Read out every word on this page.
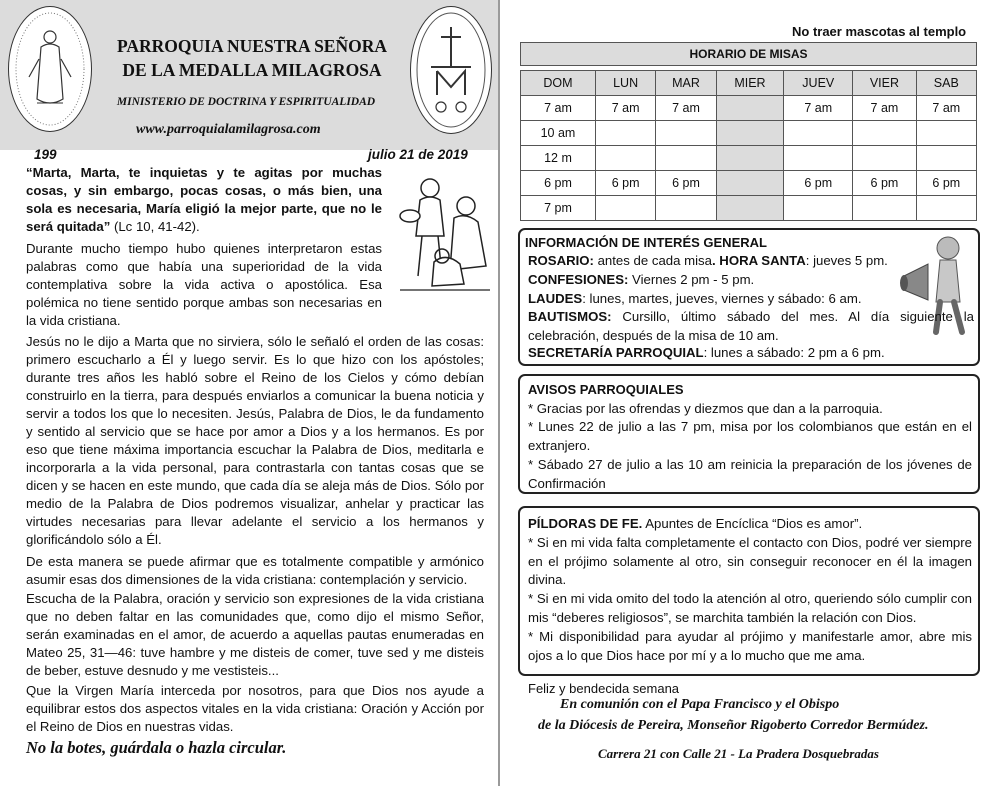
PARROQUIA NUESTRA SEÑORA
DE LA MEDALLA MILAGROSA
MINISTERIO DE DOCTRINA Y ESPIRITUALIDAD
www.parroquialamilagrosa.com
199	julio 21 de 2019
“Marta, Marta, te inquietas y te agitas por muchas cosas, y sin embargo, pocas cosas, o más bien, una sola es necesaria, María eligió la mejor parte, que no le será quitada” (Lc 10, 41-42).
Durante mucho tiempo hubo quienes interpretaron estas palabras como que había una superioridad de la vida contemplativa sobre la vida activa o apostólica. Esa polémica no tiene sentido porque ambas son necesarias en la vida cristiana.
Jesús no le dijo a Marta que no sirviera, sólo le señaló el orden de las cosas: primero escucharlo a Él y luego servir. Es lo que hizo con los apóstoles; durante tres años les habló sobre el Reino de los Cielos y cómo debían construirlo en la tierra, para después enviarlos a comunicar la buena noticia y servir a todos los que lo necesiten. Jesús, Palabra de Dios, le da fundamento y sentido al servicio que se hace por amor a Dios y a los hermanos. Es por eso que tiene máxima importancia escuchar la Palabra de Dios, meditarla e incorporarla a la vida personal, para contrastarla con tantas cosas que se dicen y se hacen en este mundo, que cada día se aleja más de Dios. Sólo por medio de la Palabra de Dios podremos visualizar, anhelar y practicar las virtudes necesarias para llevar adelante el servicio a los hermanos y glorificándolo sólo a Él.
De esta manera se puede afirmar que es totalmente compatible y armónico asumir esas dos dimensiones de la vida cristiana: contemplación y servicio.
Escucha de la Palabra, oración y servicio son expresiones de la vida cristiana que no deben faltar en las comunidades que, como dijo el mismo Señor, serán examinadas en el amor, de acuerdo a aquellas pautas enumeradas en Mateo 25, 31—46: tuve hambre y me disteis de comer, tuve sed y me disteis de beber, estuve desnudo y me vestisteis...
Que la Virgen María interceda por nosotros, para que Dios nos ayude a equilibrar estos dos aspectos vitales en la vida cristiana: Oración y Acción por el Reino de Dios en nuestras vidas.
No la botes, guárdala o hazla circular.
No traer mascotas al templo
HORARIO DE MISAS						

DOM	LUN	MAR	MIER	JUEV	VIER	SAB
7 am	7 am	7 am		7 am	7 am	7 am
10 am						
12 m						
6 pm	6 pm	6 pm		6 pm	6 pm	6 pm
7 pm						
INFORMACIÓN DE INTERÉS GENERAL
ROSARIO: antes de cada misa. HORA SANTA: jueves 5 pm.
CONFESIONES: Viernes 2 pm - 5 pm.
LAUDES: lunes, martes, jueves, viernes y sábado: 6 am.
BAUTISMOS: Cursillo, último sábado del mes. Al día siguiente la celebración, después de la misa de 10 am.
SECRETARÍA PARROQUIAL: lunes a sábado: 2 pm a 6 pm.
AVISOS PARROQUIALES
* Gracias por las ofrendas y diezmos que dan a la parroquia.
* Lunes 22 de julio a las 7 pm, misa por los colombianos que están en el extranjero.
* Sábado 27 de julio a las 10 am reinicia la preparación de los jóvenes de Confirmación
PÍLDORAS DE FE. Apuntes de Encíclica “Dios es amor”.
* Si en mi vida falta completamente el contacto con Dios, podré ver siempre en el prójimo solamente al otro, sin conseguir reconocer en él la imagen divina.
* Si en mi vida omito del todo la atención al otro, queriendo sólo cumplir con mis “deberes religiosos”, se marchita también la relación con Dios.
* Mi disponibilidad para ayudar al prójimo y manifestarle amor, abre mis ojos a lo que Dios hace por mí y a lo mucho que me ama.
Feliz y bendecida semana
En comunión con el Papa Francisco y el Obispo
de la Diócesis de Pereira, Monseñor Rigoberto Corredor Bermúdez.
Carrera 21 con Calle 21 - La Pradera Dosquebradas
